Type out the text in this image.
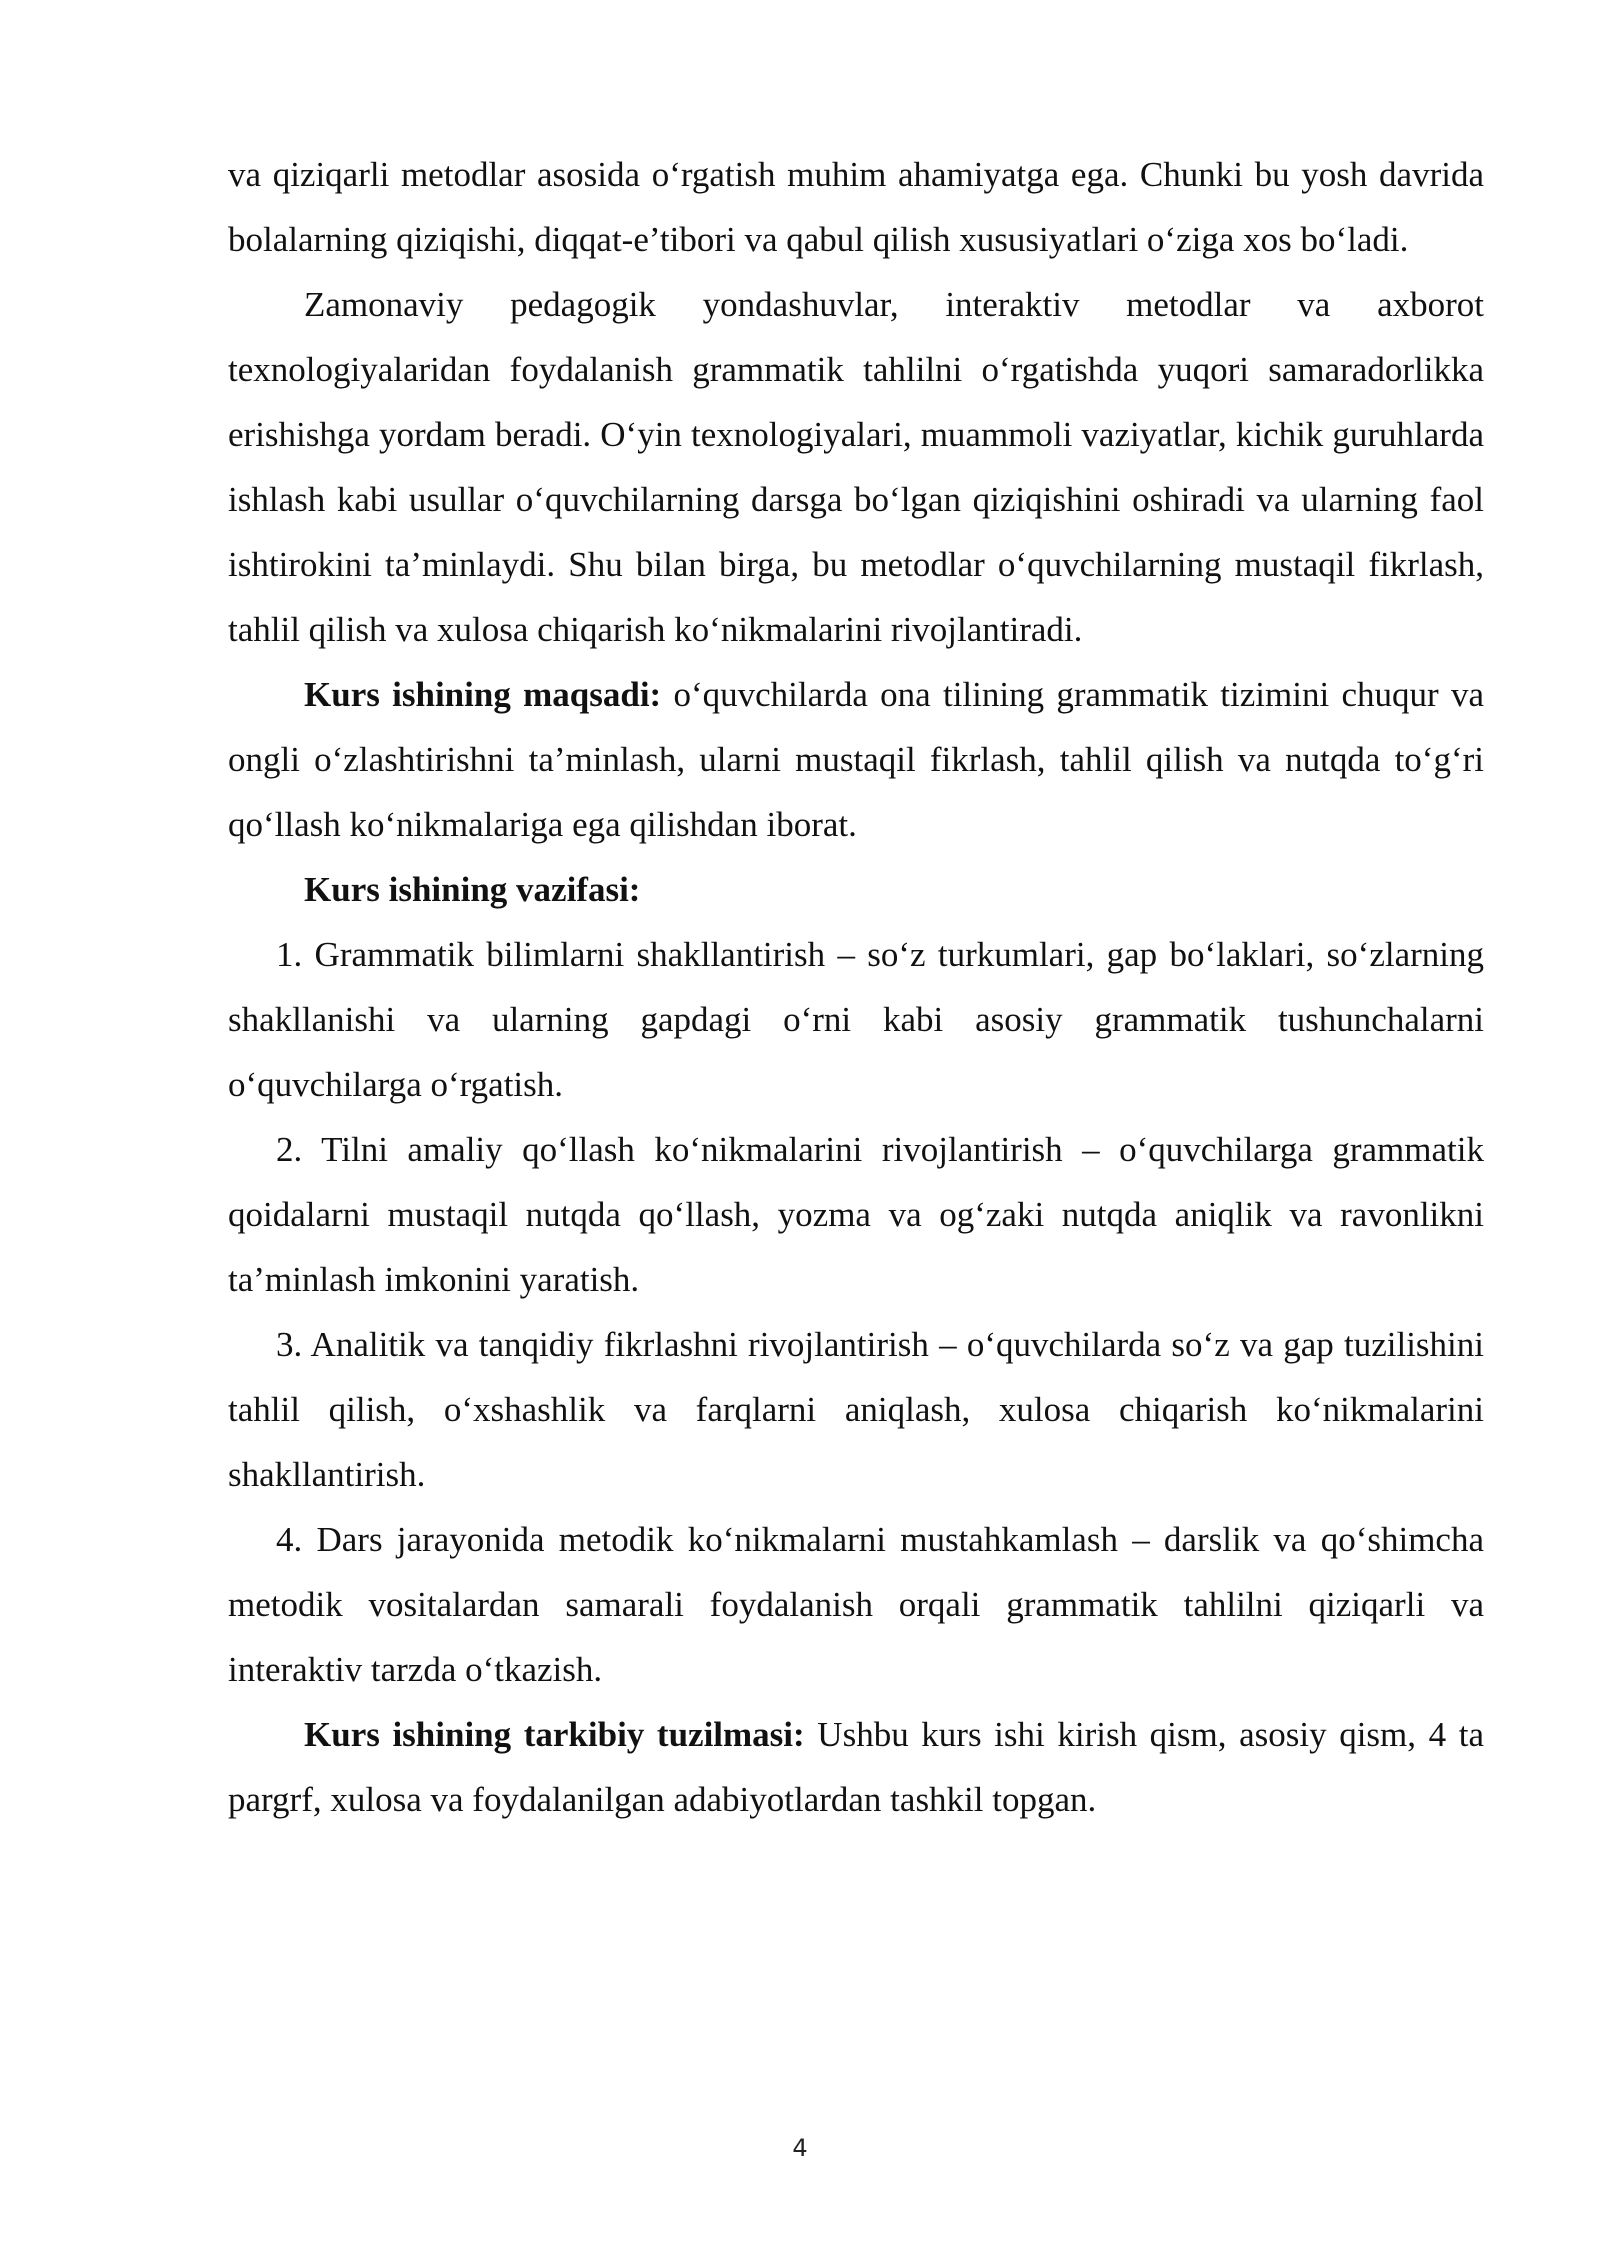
va qiziqarli metodlar asosida o‘rgatish muhim ahamiyatga ega. Chunki bu yosh davrida bolalarning qiziqishi, diqqat-e’tibori va qabul qilish xususiyatlari o‘ziga xos bo‘ladi.

Zamonaviy pedagogik yondashuvlar, interaktiv metodlar va axborot texnologiyalaridan foydalanish grammatik tahlilni o‘rgatishda yuqori samaradorlikka erishishga yordam beradi. O‘yin texnologiyalari, muammoli vaziyatlar, kichik guruhlarda ishlash kabi usullar o‘quvchilarning darsga bo‘lgan qiziqishini oshiradi va ularning faol ishtirokini ta’minlaydi. Shu bilan birga, bu metodlar o‘quvchilarning mustaqil fikrlash, tahlil qilish va xulosa chiqarish ko‘nikmalarini rivojlantiradi.

Kurs ishining maqsadi: o‘quvchilarda ona tilining grammatik tizimini chuqur va ongli o‘zlashtirishni ta’minlash, ularni mustaqil fikrlash, tahlil qilish va nutqda to‘g‘ri qo‘llash ko‘nikmalariga ega qilishdan iborat.

Kurs ishining vazifasi:

1. Grammatik bilimlarni shakllantirish – so‘z turkumlari, gap bo‘laklari, so‘zlarning shakllanishi va ularning gapdagi o‘rni kabi asosiy grammatik tushunchalarni o‘quvchilarga o‘rgatish.

2. Tilni amaliy qo‘llash ko‘nikmalarini rivojlantirish – o‘quvchilarga grammatik qoidalarni mustaqil nutqda qo‘llash, yozma va og‘zaki nutqda aniqlik va ravonlikni ta’minlash imkonini yaratish.

3. Analitik va tanqidiy fikrlashni rivojlantirish – o‘quvchilarda so‘z va gap tuzilishini tahlil qilish, o‘xshashlik va farqlarni aniqlash, xulosa chiqarish ko‘nikmalarini shakllantirish.

4. Dars jarayonida metodik ko‘nikmalarni mustahkamlash – darslik va qo‘shimcha metodik vositalardan samarali foydalanish orqali grammatik tahlilni qiziqarli va interaktiv tarzda o‘tkazish.

Kurs ishining tarkibiy tuzilmasi: Ushbu kurs ishi kirish qism, asosiy qism, 4 ta pargrf, xulosa va foydalanilgan adabiyotlardan tashkil topgan.

4
